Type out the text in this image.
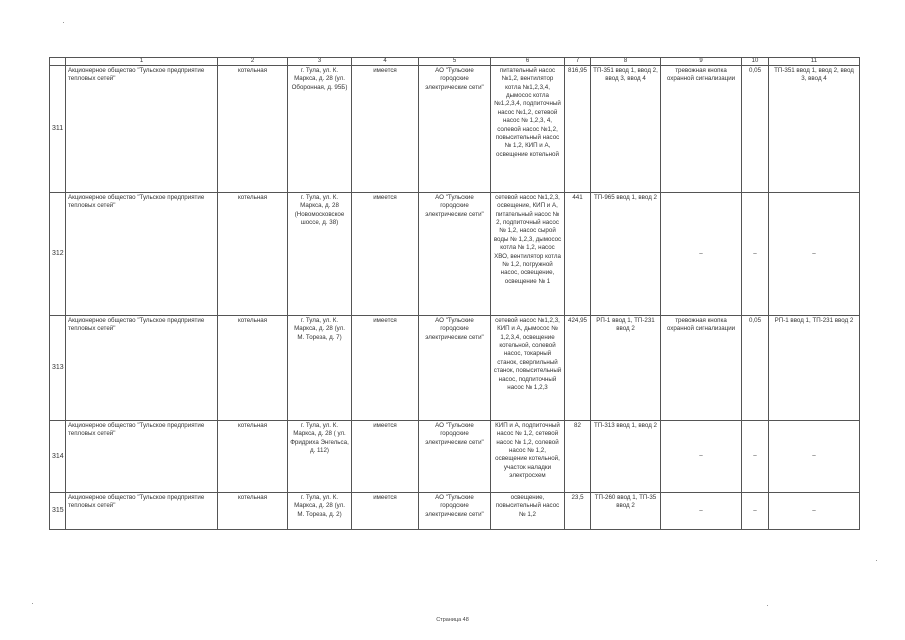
	1	2	3	4	5	6	7	8	9	10	11
311	Акционерное общество "Тульское предприятие тепловых сетей"	котельная	г. Тула, ул. К. Маркса, д. 28 (ул. Оборонная, д. 95Б)	имеется	АО "Тульские городские электрические сети"	питательный насос №1,2, вентилятор котла №1,2,3,4, дымосос котла №1,2,3,4, подпиточный насос №1,2, сетевой насос № 1,2,3, 4, солевой насос №1,2, повысительный насос № 1,2, КИП и А, освещение котельной	816,95	ТП-351 ввод 1, ввод 2, ввод 3, ввод 4	тревожная кнопка охранной сигнализации	0,05	ТП-351 ввод 1, ввод 2, ввод 3, ввод 4
312	Акционерное общество "Тульское предприятие тепловых сетей"	котельная	г. Тула, ул. К. Маркса, д. 28 (Новомосковское шоссе, д. 38)	имеется	АО "Тульские городские электрические сети"	сетевой насос №1,2,3, освещение, КИП и А, питательный насос № 2, подпиточный насос № 1,2, насос сырой воды № 1,2,3, дымосос котла № 1,2, насос ХВО, вентилятор котла № 1,2, погружной насос, освещение, освещение № 1	441	ТП-965 ввод 1, ввод 2	–	–	–
313	Акционерное общество "Тульское предприятие тепловых сетей"	котельная	г. Тула, ул. К. Маркса, д. 28 (ул. М. Тореза, д. 7)	имеется	АО "Тульские городские электрические сети"	сетевой насос №1,2,3, КИП и А, дымосос № 1,2,3,4, освещение котельной, солевой насос, токарный станок, сверлильный станок, повысительный насос, подпиточный насос № 1,2,3	424,95	РП-1 ввод 1, ТП-231 ввод 2	тревожная кнопка охранной сигнализации	0,05	РП-1 ввод 1, ТП-231 ввод 2
314	Акционерное общество "Тульское предприятие тепловых сетей"	котельная	г. Тула, ул. К. Маркса, д. 28 ( ул. Фридриха Энгельса, д. 112)	имеется	АО "Тульские городские электрические сети"	КИП и А, подпиточный насос № 1,2, сетевой насос № 1,2, солевой насос № 1,2, освещение котельной, участок наладки электросхем	82	ТП-313 ввод 1, ввод 2	–	–	–
315	Акционерное общество "Тульское предприятие тепловых сетей"	котельная	г. Тула, ул. К. Маркса, д. 28 (ул. М. Тореза, д. 2)	имеется	АО "Тульские городские электрические сети"	освещение, повысительный насос № 1,2	23,5	ТП-260 ввод 1, ТП-35 ввод 2	–	–	–
Страница 48
